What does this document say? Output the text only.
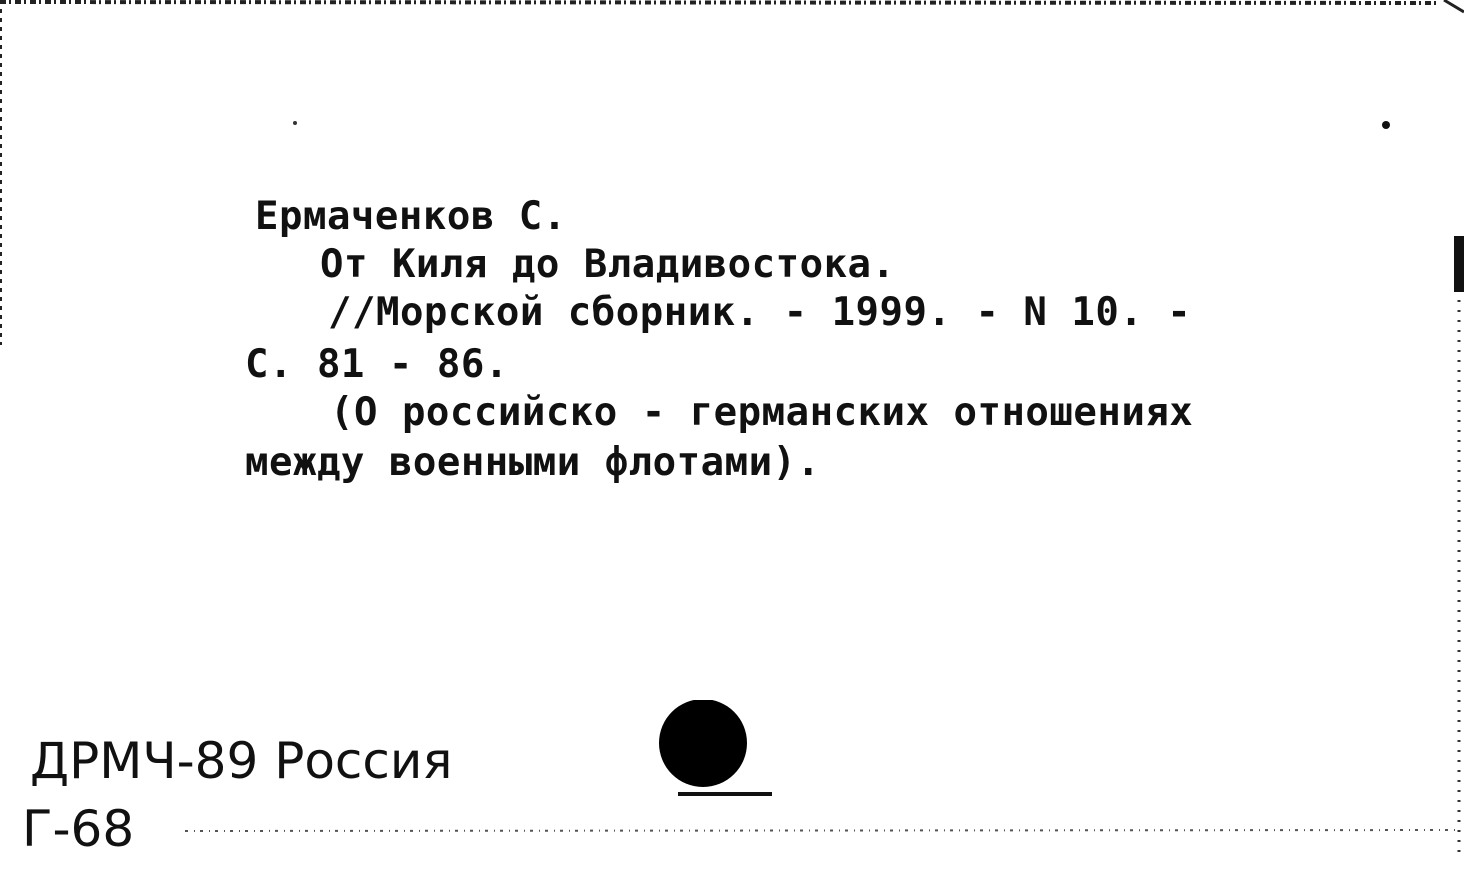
Ермаченков С.
От Киля до Владивостока.
//Морской сборник. - 1999. - N 10. -
С. 81 - 86.
(О российско - германских отношениях
между военными флотами).
ДРМЧ-89 Россия
Г-68
